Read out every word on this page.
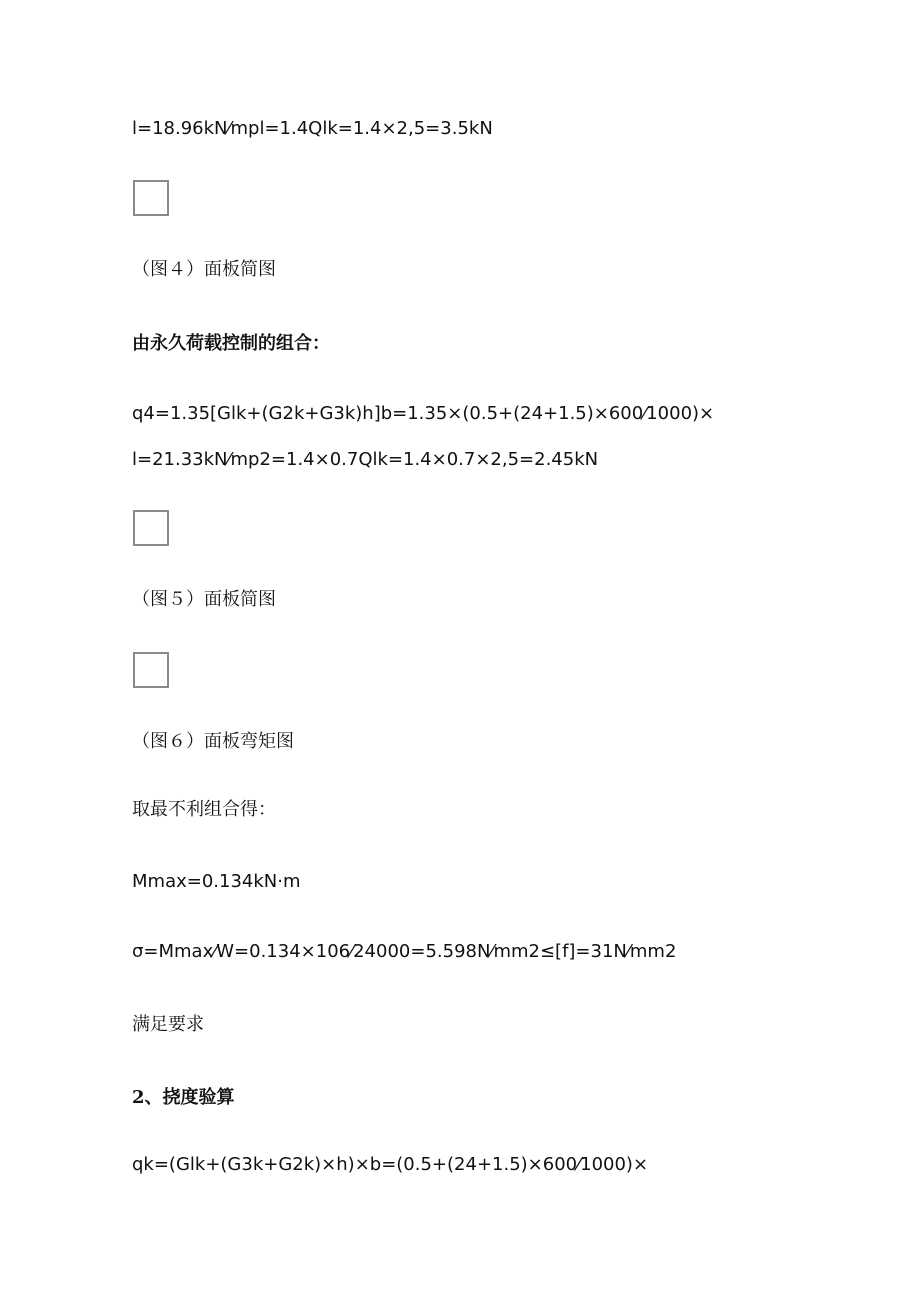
l=18.96kN⁄mpl=1.4Qlk=1.4×2,5=3.5kN
（图４）面板简图
由永久荷载控制的组合：
q4=1.35[Glk+(G2k+G3k)h]b=1.35×(0.5+(24+1.5)×600⁄1000)×
l=21.33kN⁄mp2=1.4×0.7Qlk=1.4×0.7×2,5=2.45kN
（图５）面板简图
（图６）面板弯矩图
取最不利组合得：
Mmax=0.134kN·m
σ=Mmax⁄W=0.134×106⁄24000=5.598N⁄mm2≤[f]=31N⁄mm2
满足要求
2、挠度验算
qk=(Glk+(G3k+G2k)×h)×b=(0.5+(24+1.5)×600⁄1000)×
